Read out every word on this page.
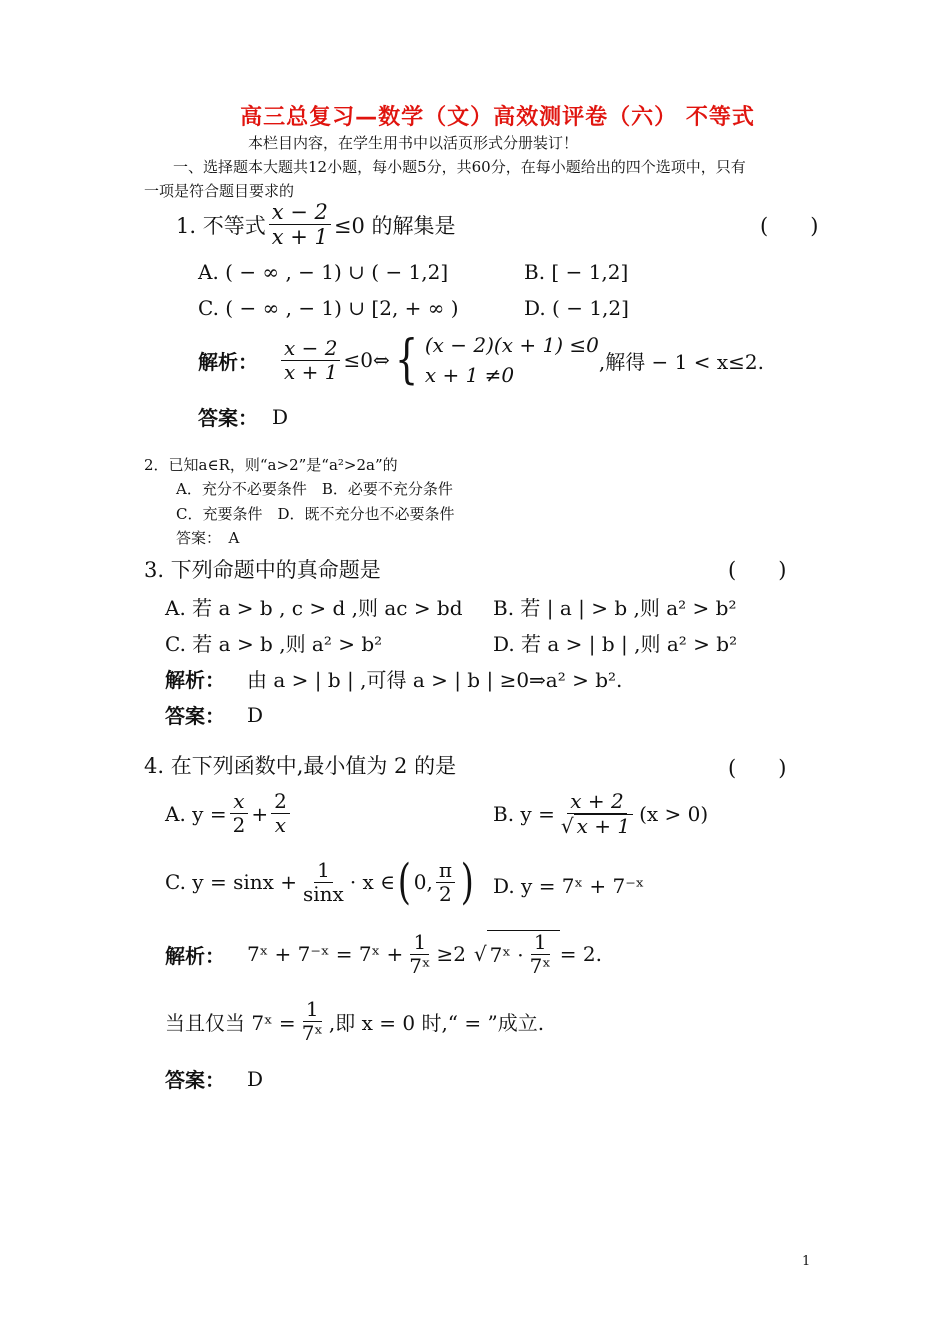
高三总复习—数学（文）高效测评卷（六） 不等式
本栏目内容，在学生用书中以活页形式分册装订！
一、选择题本大题共12小题，每小题5分，共60分，在每小题给出的四个选项中，只有
一项是符合题目要求的
1. 不等式 $\frac{x - 2}{x + 1} \le 0$ 的解集是	(　　)
A. ( − ∞ , − 1) ∪ ( − 1,2]	B. [ − 1,2]
C. ( − ∞ , − 1) ∪ [2, + ∞ )	D. ( − 1,2]
解析： $\frac{x - 2}{x + 1}$ ≤0⇔ { (x − 2)(x + 1) ≤0
x + 1 ≠0
,解得 − 1 < x≤2.
答案： D
2．已知a∈R，则“a>2”是“a²>2a”的
A．充分不必要条件　B．必要不充分条件
C．充要条件　D．既不充分也不必要条件
答案：　A
3. 下列命题中的真命题是	(　　)
A. 若 a > b , c > d ,则 ac > bd B. 若 | a | > b ,则 a² > b²
C. 若 a > b ,则 a² > b²	D. 若 a > | b | ,则 a² > b²
解析： 由 a > | b | ,可得 a > | b | ≥0⇒a² > b².
答案： D
4. 在下列函数中,最小值为 2 的是	(　　)
A. $y = \frac{x}{2} + \frac{2}{x}$	B. $y = \frac{x + 2}{√ x + 1} (x > 0)$
C. $y = \sin x + \frac{1}{\sin x} \cdot x$ ∈ ( 0, $\frac{\pi}{2}$ ) D. y = 7ˣ + 7⁻ˣ
解析： 7ˣ + 7⁻ˣ = 7ˣ + $\frac{1}{\text{7ˣ}} \ge 2$ √ 7ˣ · $\frac{1}{\text{7ˣ}} = 2$.
当且仅当 7ˣ = $\frac{1}{\text{7ˣ}}$ ,即 x = 0 时,“ = ”成立.
答案： D
1
